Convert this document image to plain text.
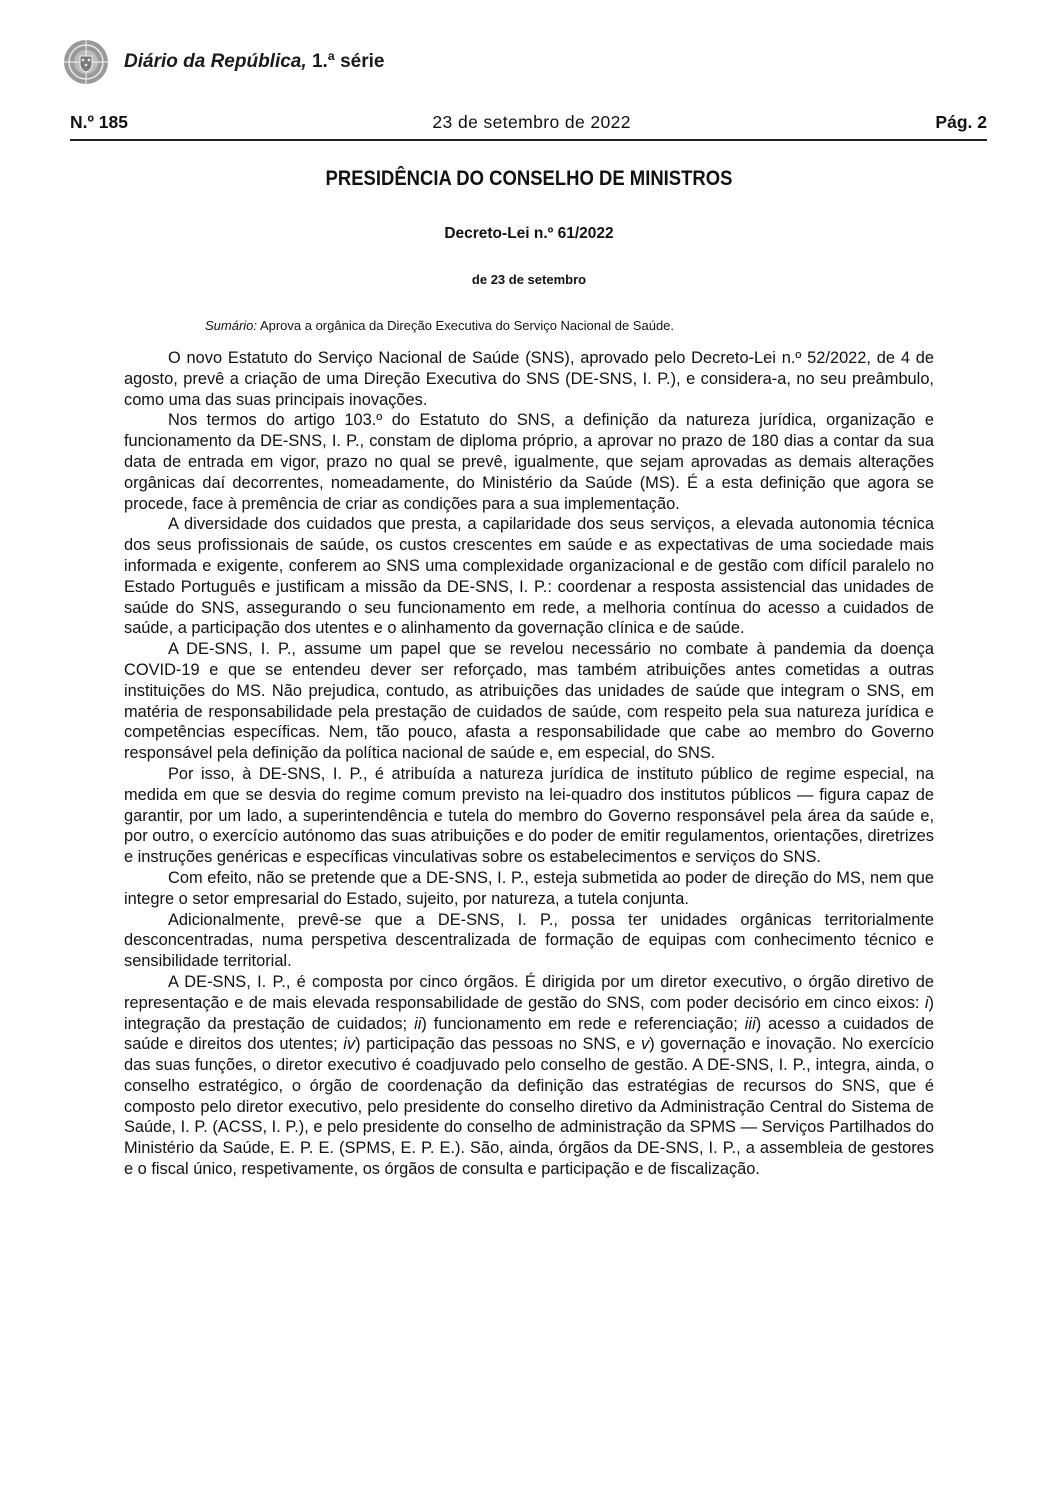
Diário da República, 1.ª série
N.º 185	23 de setembro de 2022	Pág. 2
PRESIDÊNCIA DO CONSELHO DE MINISTROS
Decreto-Lei n.º 61/2022
de 23 de setembro
Sumário: Aprova a orgânica da Direção Executiva do Serviço Nacional de Saúde.

O novo Estatuto do Serviço Nacional de Saúde (SNS), aprovado pelo Decreto-Lei n.º 52/2022, de 4 de agosto, prevê a criação de uma Direção Executiva do SNS (DE-SNS, I. P.), e considera-a, no seu preâmbulo, como uma das suas principais inovações.

Nos termos do artigo 103.º do Estatuto do SNS, a definição da natureza jurídica, organização e funcionamento da DE-SNS, I. P., constam de diploma próprio, a aprovar no prazo de 180 dias a contar da sua data de entrada em vigor, prazo no qual se prevê, igualmente, que sejam aprovadas as demais alterações orgânicas daí decorrentes, nomeadamente, do Ministério da Saúde (MS). É a esta definição que agora se procede, face à premência de criar as condições para a sua implementação.

A diversidade dos cuidados que presta, a capilaridade dos seus serviços, a elevada autonomia técnica dos seus profissionais de saúde, os custos crescentes em saúde e as expectativas de uma sociedade mais informada e exigente, conferem ao SNS uma complexidade organizacional e de gestão com difícil paralelo no Estado Português e justificam a missão da DE-SNS, I. P.: coordenar a resposta assistencial das unidades de saúde do SNS, assegurando o seu funcionamento em rede, a melhoria contínua do acesso a cuidados de saúde, a participação dos utentes e o alinhamento da governação clínica e de saúde.

A DE-SNS, I. P., assume um papel que se revelou necessário no combate à pandemia da doença COVID-19 e que se entendeu dever ser reforçado, mas também atribuições antes cometidas a outras instituições do MS. Não prejudica, contudo, as atribuições das unidades de saúde que integram o SNS, em matéria de responsabilidade pela prestação de cuidados de saúde, com respeito pela sua natureza jurídica e competências específicas. Nem, tão pouco, afasta a responsabilidade que cabe ao membro do Governo responsável pela definição da política nacional de saúde e, em especial, do SNS.

Por isso, à DE-SNS, I. P., é atribuída a natureza jurídica de instituto público de regime especial, na medida em que se desvia do regime comum previsto na lei-quadro dos institutos públicos — figura capaz de garantir, por um lado, a superintendência e tutela do membro do Governo responsável pela área da saúde e, por outro, o exercício autónomo das suas atribuições e do poder de emitir regulamentos, orientações, diretrizes e instruções genéricas e específicas vinculativas sobre os estabelecimentos e serviços do SNS.

Com efeito, não se pretende que a DE-SNS, I. P., esteja submetida ao poder de direção do MS, nem que integre o setor empresarial do Estado, sujeito, por natureza, a tutela conjunta.

Adicionalmente, prevê-se que a DE-SNS, I. P., possa ter unidades orgânicas territorialmente desconcentradas, numa perspetiva descentralizada de formação de equipas com conhecimento técnico e sensibilidade territorial.

A DE-SNS, I. P., é composta por cinco órgãos. É dirigida por um diretor executivo, o órgão diretivo de representação e de mais elevada responsabilidade de gestão do SNS, com poder decisório em cinco eixos: i) integração da prestação de cuidados; ii) funcionamento em rede e referenciação; iii) acesso a cuidados de saúde e direitos dos utentes; iv) participação das pessoas no SNS, e v) governação e inovação. No exercício das suas funções, o diretor executivo é coadjuvado pelo conselho de gestão. A DE-SNS, I. P., integra, ainda, o conselho estratégico, o órgão de coordenação da definição das estratégias de recursos do SNS, que é composto pelo diretor executivo, pelo presidente do conselho diretivo da Administração Central do Sistema de Saúde, I. P. (ACSS, I. P.), e pelo presidente do conselho de administração da SPMS — Serviços Partilhados do Ministério da Saúde, E. P. E. (SPMS, E. P. E.). São, ainda, órgãos da DE-SNS, I. P., a assembleia de gestores e o fiscal único, respetivamente, os órgãos de consulta e participação e de fiscalização.
